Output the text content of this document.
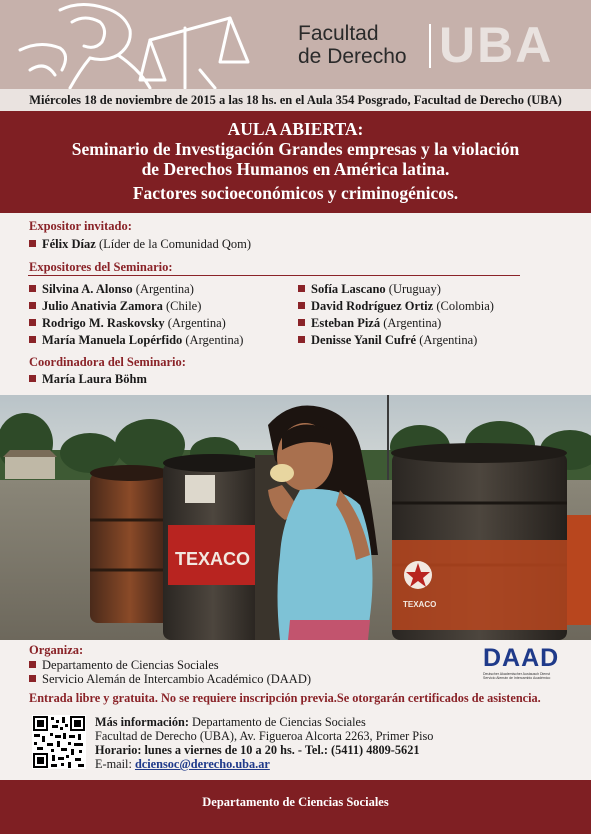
Facultad
de Derecho UBA
Miércoles 18 de noviembre de 2015 a las 18 hs. en el Aula 354 Posgrado, Facultad de Derecho (UBA)
AULA ABIERTA:
Seminario de Investigación Grandes empresas y la violación
de Derechos Humanos en América latina.
Factores socioeconómicos y criminogénicos.
Expositor invitado:
Félix Díaz (Líder de la Comunidad Qom)
Expositores del Seminario:
Silvina A. Alonso (Argentina)
Julio Anativia Zamora (Chile)
Rodrigo M. Raskovsky (Argentina)
María Manuela Lopérfido (Argentina)
Sofía Lascano (Uruguay)
David Rodríguez Ortiz (Colombia)
Esteban Pizá (Argentina)
Denisse Yanil Cufré (Argentina)
Coordinadora del Seminario:
María Laura Böhm
TEXACO
TEXACO
Organiza:
Departamento de Ciencias Sociales
Servicio Alemán de Intercambio Académico (DAAD)
DAAD
Deutscher Akademischer Austausch Dienst
Servicio Alemán de Intercambio Académico
Entrada libre y gratuita. No se requiere inscripción previa.Se otorgarán certificados de asistencia.
Más información: Departamento de Ciencias Sociales
Facultad de Derecho (UBA), Av. Figueroa Alcorta 2263, Primer Piso
Horario: lunes a viernes de 10 a 20 hs. - Tel.: (5411) 4809-5621
E-mail: dciensoc@derecho.uba.ar
Departamento de Ciencias Sociales
